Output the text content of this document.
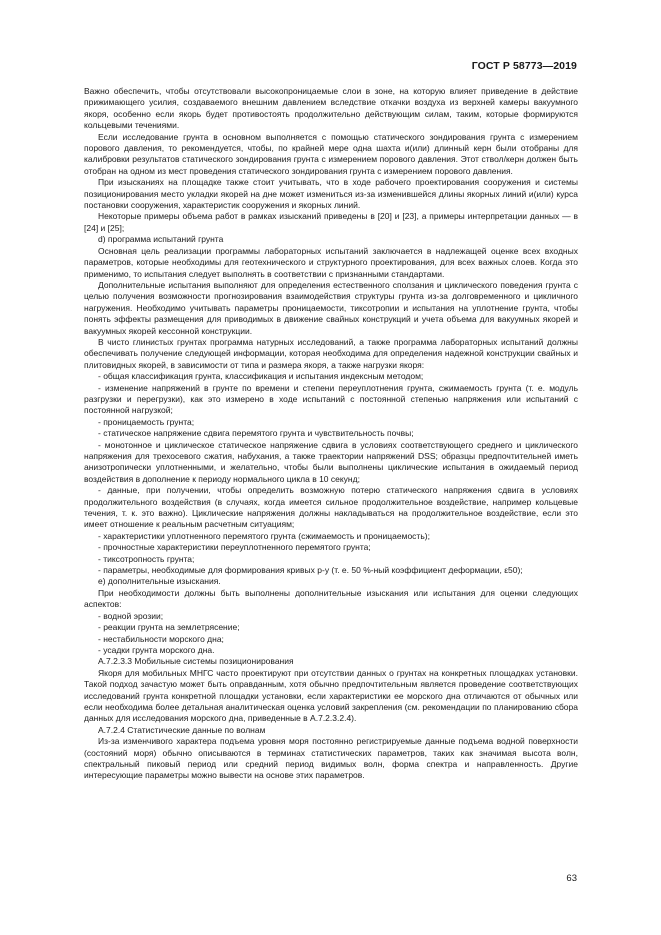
ГОСТ Р 58773—2019

Важно обеспечить, чтобы отсутствовали высокопроницаемые слои в зоне, на которую влияет приведение в действие прижимающего усилия, создаваемого внешним давлением вследствие откачки воздуха из верхней камеры вакуумного якоря, особенно если якорь будет противостоять продолжительно действующим силам, таким, которые формируются кольцевыми течениями.

Если исследование грунта в основном выполняется с помощью статического зондирования грунта с измерением порового давления, то рекомендуется, чтобы, по крайней мере одна шахта и(или) длинный керн были отобраны для калибровки результатов статического зондирования грунта с измерением порового давления. Этот ствол/керн должен быть отобран на одном из мест проведения статического зондирования грунта с измерением порового давления.

При изысканиях на площадке также стоит учитывать, что в ходе рабочего проектирования сооружения и системы позиционирования место укладки якорей на дне может измениться из-за изменившейся длины якорных линий и(или) курса постановки сооружения, характеристик сооружения и якорных линий.

Некоторые примеры объема работ в рамках изысканий приведены в [20] и [23], а примеры интерпретации данных — в [24] и [25];

d) программа испытаний грунта

Основная цель реализации программы лабораторных испытаний заключается в надлежащей оценке всех входных параметров, которые необходимы для геотехнического и структурного проектирования, для всех важных слоев. Когда это применимо, то испытания следует выполнять в соответствии с признанными стандартами.

Дополнительные испытания выполняют для определения естественного сползания и циклического поведения грунта с целью получения возможности прогнозирования взаимодействия структуры грунта из-за долговременного и цикличного нагружения. Необходимо учитывать параметры проницаемости, тиксотропии и испытания на уплотнение грунта, чтобы понять эффекты размещения для приводимых в движение свайных конструкций и учета объема для вакуумных якорей и вакуумных якорей кессонной конструкции.

В чисто глинистых грунтах программа натурных исследований, а также программа лабораторных испытаний должны обеспечивать получение следующей информации, которая необходима для определения надежной конструкции свайных и плитовидных якорей, в зависимости от типа и размера якоря, а также нагрузки якоря:

- общая классификация грунта, классификация и испытания индексным методом;

- изменение напряжений в грунте по времени и степени переуплотнения грунта, сжимаемость грунта (т. е. модуль разгрузки и перегрузки), как это измерено в ходе испытаний с постоянной степенью напряжения или испытаний с постоянной нагрузкой;

- проницаемость грунта;

- статическое напряжение сдвига перемятого грунта и чувствительность почвы;

- монотонное и циклическое статическое напряжение сдвига в условиях соответствующего среднего и циклического напряжения для трехосевого сжатия, набухания, а также траектории напряжений DSS; образцы предпочтительней иметь анизотропически уплотненными, и желательно, чтобы были выполнены циклические испытания в ожидаемый период воздействия в дополнение к периоду нормального цикла в 10 секунд;

- данные, при получении, чтобы определить возможную потерю статического напряжения сдвига в условиях продолжительного воздействия (в случаях, когда имеется сильное продолжительное воздействие, например кольцевые течения, т. к. это важно). Циклические напряжения должны накладываться на продолжительное воздействие, если это имеет отношение к реальным расчетным ситуациям;

- характеристики уплотненного перемятого грунта (сжимаемость и проницаемость);

- прочностные характеристики переуплотненного перемятого грунта;

- тиксотропность грунта;

- параметры, необходимые для формирования кривых p-y (т. е. 50 %-ный коэффициент деформации, ε50);

e) дополнительные изыскания.

При необходимости должны быть выполнены дополнительные изыскания или испытания для оценки следующих аспектов:

- водной эрозии;

- реакции грунта на землетрясение;

- нестабильности морского дна;

- усадки грунта морского дна.

А.7.2.3.3 Мобильные системы позиционирования

Якоря для мобильных МНГС часто проектируют при отсутствии данных о грунтах на конкретных площадках установки. Такой подход зачастую может быть оправданным, хотя обычно предпочтительным является проведение соответствующих исследований грунта конкретной площадки установки, если характеристики ее морского дна отличаются от обычных или если необходима более детальная аналитическая оценка условий закрепления (см. рекомендации по планированию сбора данных для исследования морского дна, приведенные в А.7.2.3.2.4).

А.7.2.4 Статистические данные по волнам

Из-за изменчивого характера подъема уровня моря постоянно регистрируемые данные подъема водной поверхности (состояний моря) обычно описываются в терминах статистических параметров, таких как значимая высота волн, спектральный пиковый период или средний период видимых волн, форма спектра и направленность. Другие интересующие параметры можно вывести на основе этих параметров.

63
